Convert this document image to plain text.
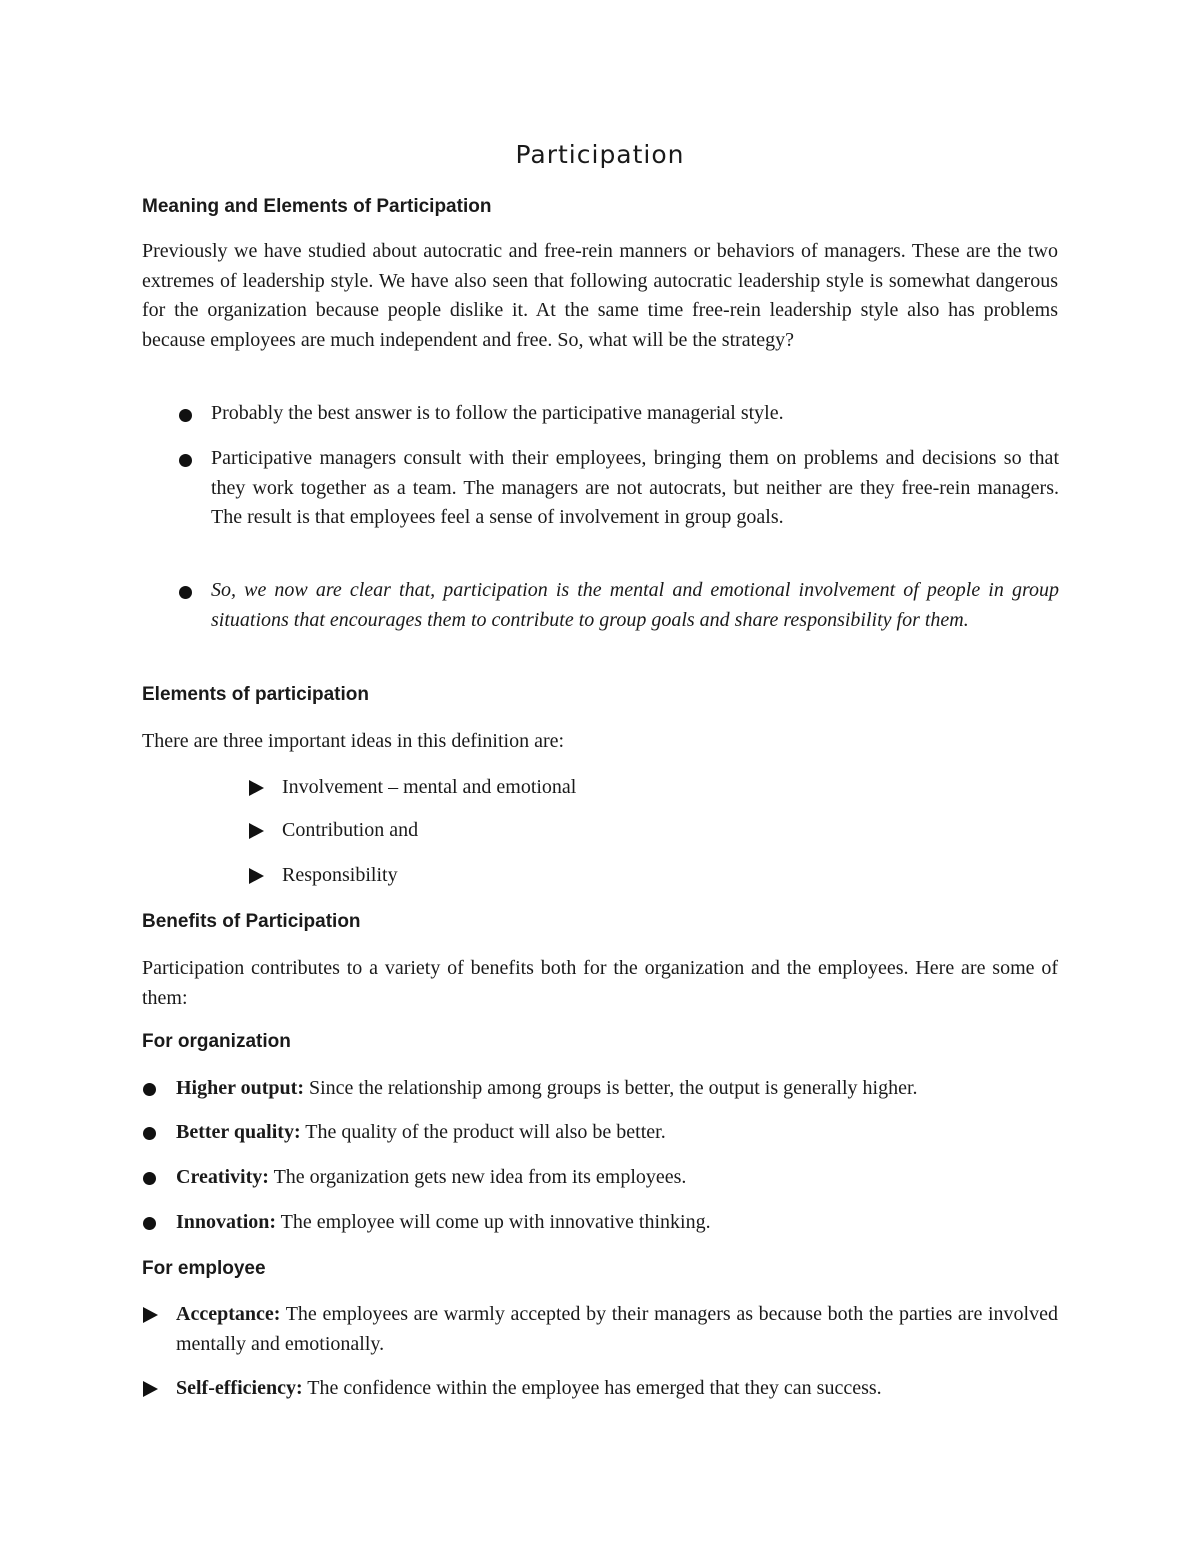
Participation
Meaning and Elements of Participation
Previously we have studied about autocratic and free-rein manners or behaviors of managers. These are the two extremes of leadership style. We have also seen that following autocratic leadership style is somewhat dangerous for the organization because people dislike it. At the same time free-rein leadership style also has problems because employees are much independent and free. So, what will be the strategy?
Probably the best answer is to follow the participative managerial style.
Participative managers consult with their employees, bringing them on problems and decisions so that they work together as a team. The managers are not autocrats, but neither are they free-rein managers. The result is that employees feel a sense of involvement in group goals.
So, we now are clear that, participation is the mental and emotional involvement of people in group situations that encourages them to contribute to group goals and share responsibility for them.
Elements of participation
There are three important ideas in this definition are:
Involvement – mental and emotional
Contribution and
Responsibility
Benefits of Participation
Participation contributes to a variety of benefits both for the organization and the employees. Here are some of them:
For organization
Higher output: Since the relationship among groups is better, the output is generally higher.
Better quality: The quality of the product will also be better.
Creativity: The organization gets new idea from its employees.
Innovation: The employee will come up with innovative thinking.
For employee
Acceptance: The employees are warmly accepted by their managers as because both the parties are involved mentally and emotionally.
Self-efficiency: The confidence within the employee has emerged that they can success.
